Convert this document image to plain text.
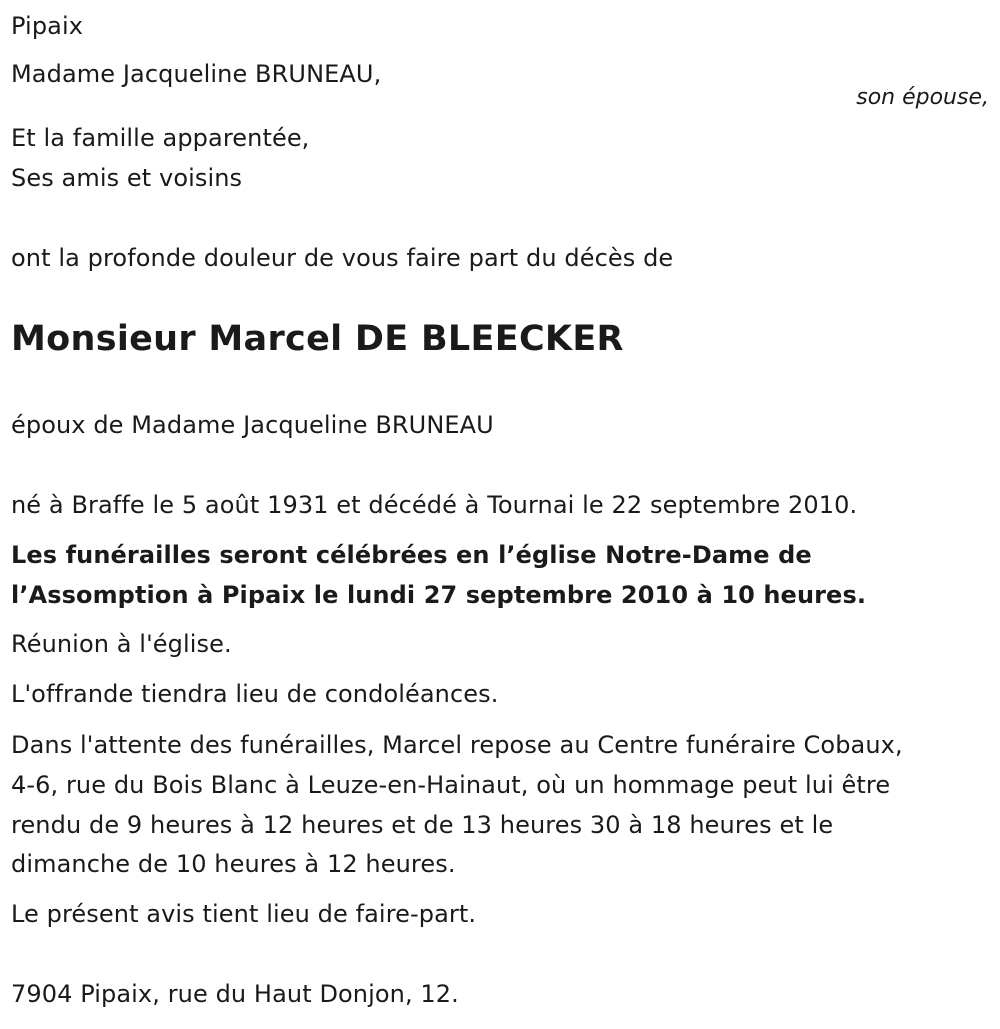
Pipaix

Madame Jacqueline BRUNEAU,

son épouse,

Et la famille apparentée,

Ses amis et voisins

ont la profonde douleur de vous faire part du décès de

Monsieur Marcel DE BLEECKER

époux de Madame Jacqueline BRUNEAU

né à Braffe le 5 août 1931 et décédé à Tournai le 22 septembre 2010.

Les funérailles seront célébrées en l’église Notre-Dame de

l’Assomption à Pipaix le lundi 27 septembre 2010 à 10 heures.

Réunion à l'église.

L'offrande tiendra lieu de condoléances.

Dans l'attente des funérailles, Marcel repose au Centre funéraire Cobaux,

4-6, rue du Bois Blanc à Leuze-en-Hainaut, où un hommage peut lui être

rendu de 9 heures à 12 heures et de 13 heures 30 à 18 heures et le

dimanche de 10 heures à 12 heures.

Le présent avis tient lieu de faire-part.

7904 Pipaix, rue du Haut Donjon, 12.
